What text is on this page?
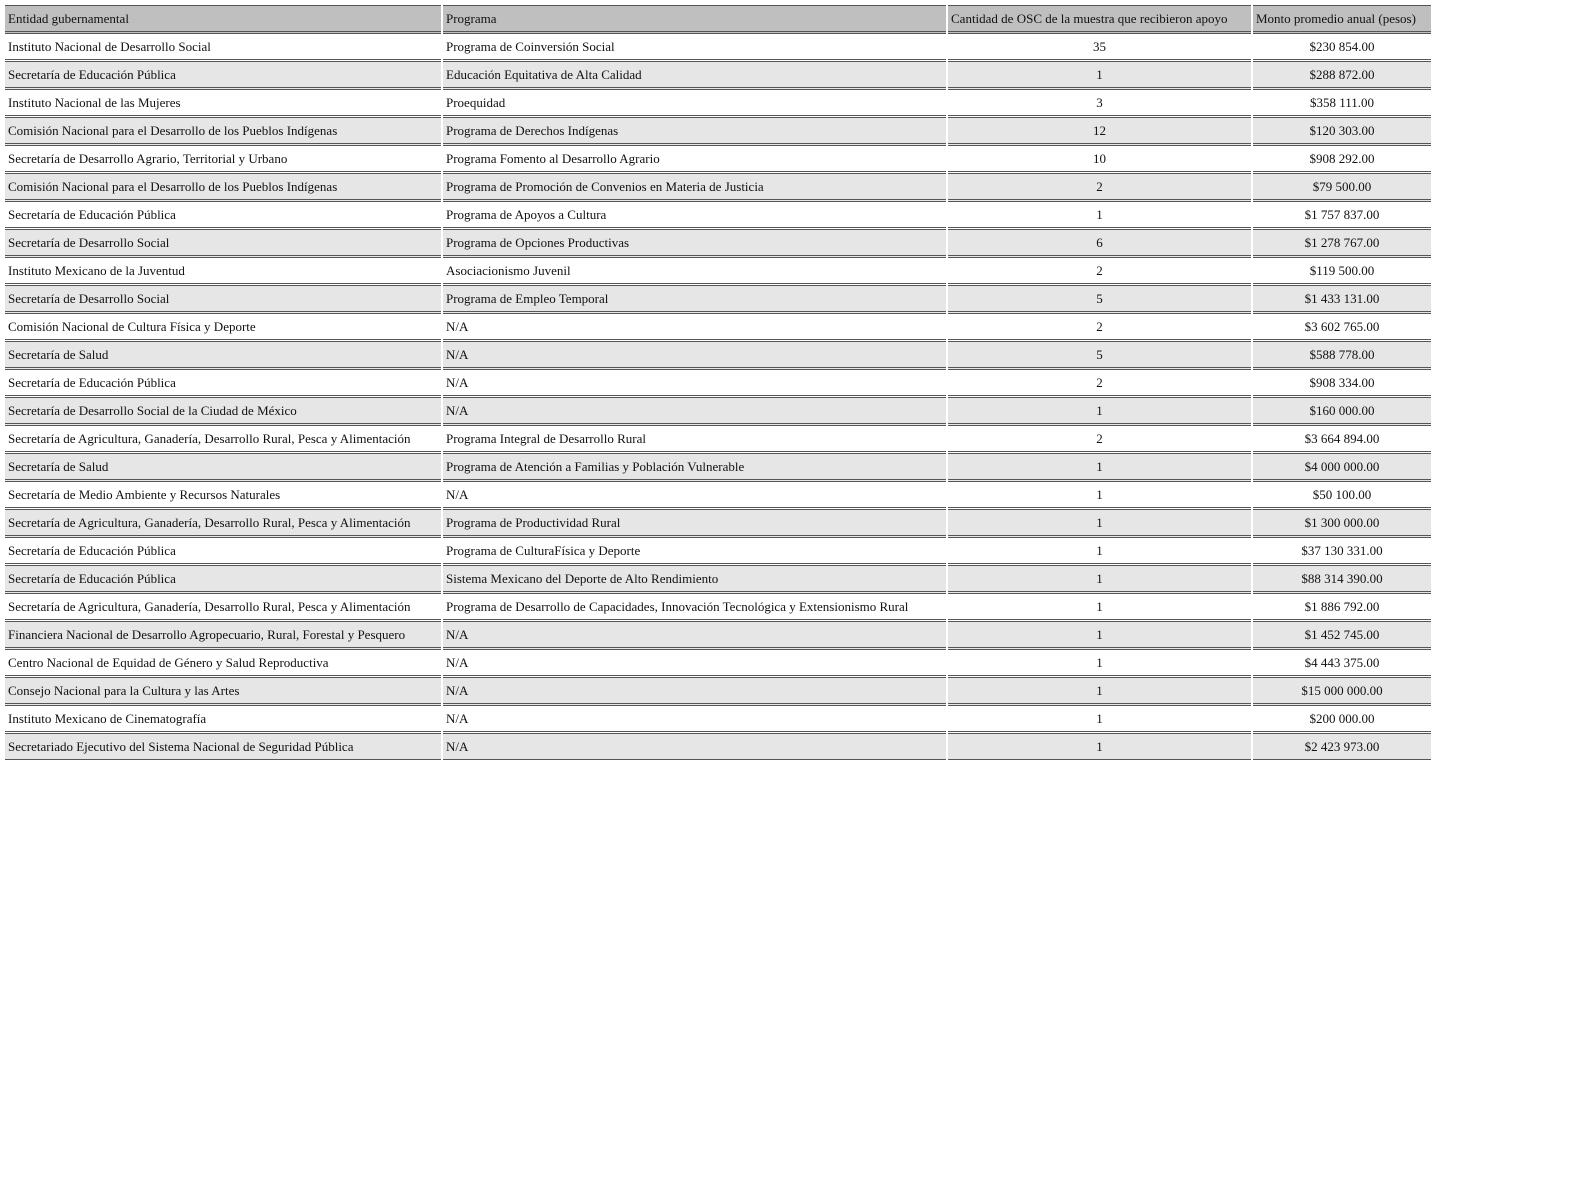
Entidad gubernamental	Programa	Cantidad de OSC de la muestra que recibieron apoyo	Monto promedio anual (pesos)
Instituto Nacional de Desarrollo Social	Programa de Coinversión Social	35	$230 854.00
Secretaría de Educación Pública	Educación Equitativa de Alta Calidad	1	$288 872.00
Instituto Nacional de las Mujeres	Proequidad	3	$358 111.00
Comisión Nacional para el Desarrollo de los Pueblos Indígenas	Programa de Derechos Indígenas	12	$120 303.00
Secretaría de Desarrollo Agrario, Territorial y Urbano	Programa Fomento al Desarrollo Agrario	10	$908 292.00
Comisión Nacional para el Desarrollo de los Pueblos Indígenas	Programa de Promoción de Convenios en Materia de Justicia	2	$79 500.00
Secretaría de Educación Pública	Programa de Apoyos a Cultura	1	$1 757 837.00
Secretaría de Desarrollo Social	Programa de Opciones Productivas	6	$1 278 767.00
Instituto Mexicano de la Juventud	Asociacionismo Juvenil	2	$119 500.00
Secretaría de Desarrollo Social	Programa de Empleo Temporal	5	$1 433 131.00
Comisión Nacional de Cultura Física y Deporte	N/A	2	$3 602 765.00
Secretaría de Salud	N/A	5	$588 778.00
Secretaría de Educación Pública	N/A	2	$908 334.00
Secretaría de Desarrollo Social de la Ciudad de México	N/A	1	$160 000.00
Secretaría de Agricultura, Ganadería, Desarrollo Rural, Pesca y Alimentación	Programa Integral de Desarrollo Rural	2	$3 664 894.00
Secretaría de Salud	Programa de Atención a Familias y Población Vulnerable	1	$4 000 000.00
Secretaría de Medio Ambiente y Recursos Naturales	N/A	1	$50 100.00
Secretaría de Agricultura, Ganadería, Desarrollo Rural, Pesca y Alimentación	Programa de Productividad Rural	1	$1 300 000.00
Secretaría de Educación Pública	Programa de CulturaFísica y Deporte	1	$37 130 331.00
Secretaría de Educación Pública	Sistema Mexicano del Deporte de Alto Rendimiento	1	$88 314 390.00
Secretaría de Agricultura, Ganadería, Desarrollo Rural, Pesca y Alimentación	Programa de Desarrollo de Capacidades, Innovación Tecnológica y Extensionismo Rural	1	$1 886 792.00
Financiera Nacional de Desarrollo Agropecuario, Rural, Forestal y Pesquero	N/A	1	$1 452 745.00
Centro Nacional de Equidad de Género y Salud Reproductiva	N/A	1	$4 443 375.00
Consejo Nacional para la Cultura y las Artes	N/A	1	$15 000 000.00
Instituto Mexicano de Cinematografía	N/A	1	$200 000.00
Secretariado Ejecutivo del Sistema Nacional de Seguridad Pública	N/A	1	$2 423 973.00
